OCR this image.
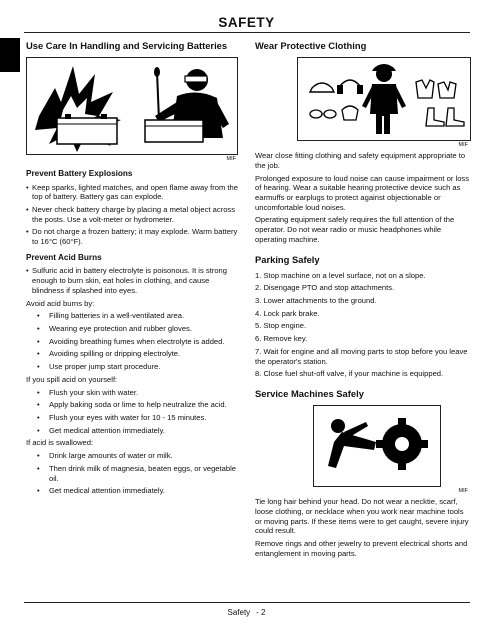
SAFETY
Use Care In Handling and Servicing Batteries
MIF
Prevent Battery Explosions
• Keep sparks, lighted matches, and open flame away from the top of battery. Battery gas can explode.
• Never check battery charge by placing a metal object across the posts. Use a volt-meter or hydrometer.
• Do not charge a frozen battery; it may explode. Warm battery to 16°C (60°F).
Prevent Acid Burns
• Sulfuric acid in battery electrolyte is poisonous. It is strong enough to burn skin, eat holes in clothing, and cause blindness if splashed into eyes.

Avoid acid burns by:

• Filling batteries in a well-ventilated area.
• Wearing eye protection and rubber gloves.
• Avoiding breathing fumes when electrolyte is added.
• Avoiding spilling or dripping electrolyte.
• Use proper jump start procedure.

If you spill acid on yourself:

• Flush your skin with water.
• Apply baking soda or lime to help neutralize the acid.
• Flush your eyes with water for 10 - 15 minutes.
• Get medical attention immediately.

If acid is swallowed:

• Drink large amounts of water or milk.
• Then drink milk of magnesia, beaten eggs, or vegetable oil.
• Get medical attention immediately.
Wear Protective Clothing
MIF

Wear close fitting clothing and safety equipment appropriate to the job.

Prolonged exposure to loud noise can cause impairment or loss of hearing. Wear a suitable hearing protective device such as earmuffs or earplugs to protect against objectionable or uncomfortable loud noises.

Operating equipment safely requires the full attention of the operator. Do not wear radio or music headphones while operating machine.

Parking Safely
1. Stop machine on a level surface, not on a slope.
2. Disengage PTO and stop attachments.
3. Lower attachments to the ground.
4. Lock park brake.
5. Stop engine.
6. Remove key.
7. Wait for engine and all moving parts to stop before you leave the operator's station.
8. Close fuel shut-off valve, if your machine is equipped.
Service Machines Safely
MIF

Tie long hair behind your head. Do not wear a necktie, scarf, loose clothing, or necklace when you work near machine tools or moving parts. If these items were to get caught, severe injury could result.

Remove rings and other jewelry to prevent electrical shorts and entanglement in moving parts.

Safety - 2
